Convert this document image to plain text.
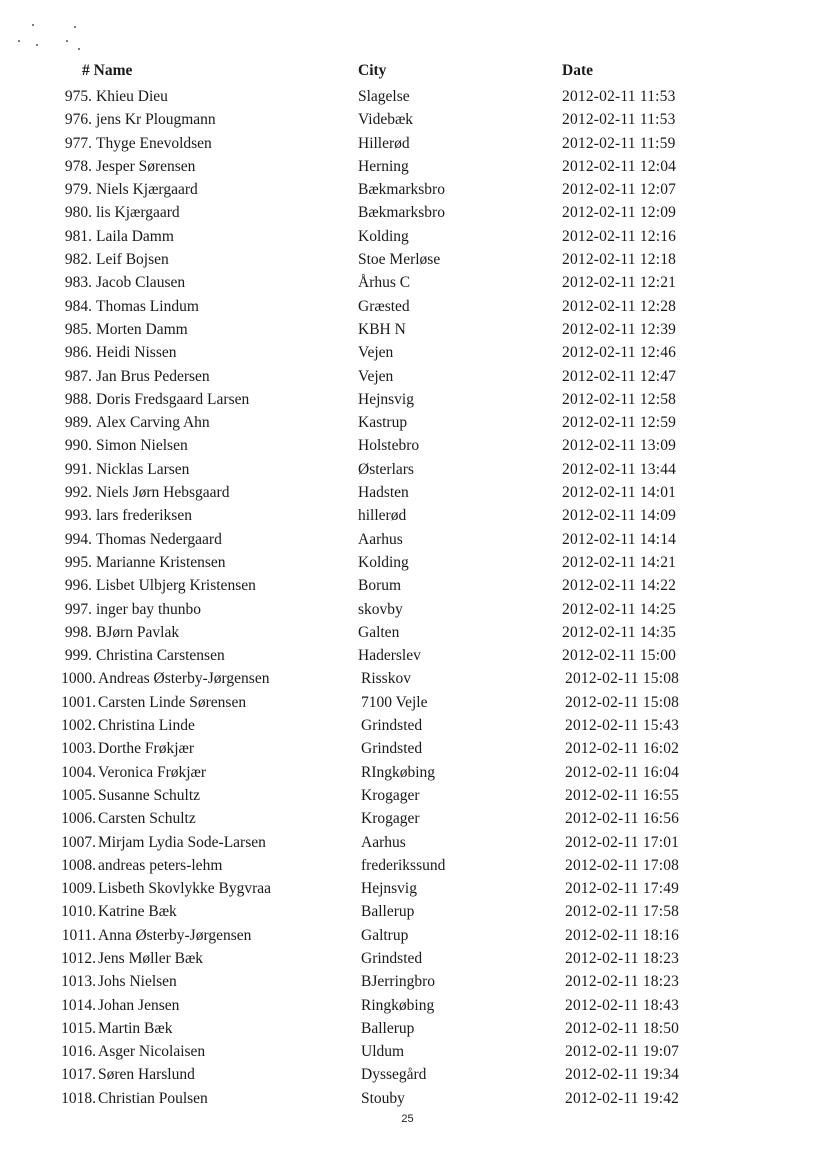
# Name	City	Date
975. Khieu Dieu	Slagelse	2012-02-11 11:53
976. jens Kr Plougmann	Videbæk	2012-02-11 11:53
977. Thyge Enevoldsen	Hillerød	2012-02-11 11:59
978. Jesper Sørensen	Herning	2012-02-11 12:04
979. Niels Kjærgaard	Bækmarksbro	2012-02-11 12:07
980. lis Kjærgaard	Bækmarksbro	2012-02-11 12:09
981. Laila Damm	Kolding	2012-02-11 12:16
982. Leif Bojsen	Stoe Merløse	2012-02-11 12:18
983. Jacob Clausen	Århus C	2012-02-11 12:21
984. Thomas Lindum	Græsted	2012-02-11 12:28
985. Morten Damm	KBH N	2012-02-11 12:39
986. Heidi Nissen	Vejen	2012-02-11 12:46
987. Jan Brus Pedersen	Vejen	2012-02-11 12:47
988. Doris Fredsgaard Larsen	Hejnsvig	2012-02-11 12:58
989. Alex Carving Ahn	Kastrup	2012-02-11 12:59
990. Simon Nielsen	Holstebro	2012-02-11 13:09
991. Nicklas Larsen	Østerlars	2012-02-11 13:44
992. Niels Jørn Hebsgaard	Hadsten	2012-02-11 14:01
993. lars frederiksen	hillerød	2012-02-11 14:09
994. Thomas Nedergaard	Aarhus	2012-02-11 14:14
995. Marianne Kristensen	Kolding	2012-02-11 14:21
996. Lisbet Ulbjerg Kristensen	Borum	2012-02-11 14:22
997. inger bay thunbo	skovby	2012-02-11 14:25
998. BJørn Pavlak	Galten	2012-02-11 14:35
999. Christina Carstensen	Haderslev	2012-02-11 15:00
1000. Andreas Østerby-Jørgensen	Risskov	2012-02-11 15:08
1001. Carsten Linde Sørensen	7100 Vejle	2012-02-11 15:08
1002. Christina Linde	Grindsted	2012-02-11 15:43
1003. Dorthe Frøkjær	Grindsted	2012-02-11 16:02
1004. Veronica Frøkjær	RIngkøbing	2012-02-11 16:04
1005. Susanne Schultz	Krogager	2012-02-11 16:55
1006. Carsten Schultz	Krogager	2012-02-11 16:56
1007. Mirjam Lydia Sode-Larsen	Aarhus	2012-02-11 17:01
1008. andreas peters-lehm	frederikssund	2012-02-11 17:08
1009. Lisbeth Skovlykke Bygvraa	Hejnsvig	2012-02-11 17:49
1010. Katrine Bæk	Ballerup	2012-02-11 17:58
1011. Anna Østerby-Jørgensen	Galtrup	2012-02-11 18:16
1012. Jens Møller Bæk	Grindsted	2012-02-11 18:23
1013. Johs Nielsen	BJerringbro	2012-02-11 18:23
1014. Johan Jensen	Ringkøbing	2012-02-11 18:43
1015. Martin Bæk	Ballerup	2012-02-11 18:50
1016. Asger Nicolaisen	Uldum	2012-02-11 19:07
1017. Søren Harslund	Dyssegård	2012-02-11 19:34
1018. Christian Poulsen	Stouby	2012-02-11 19:42
25
